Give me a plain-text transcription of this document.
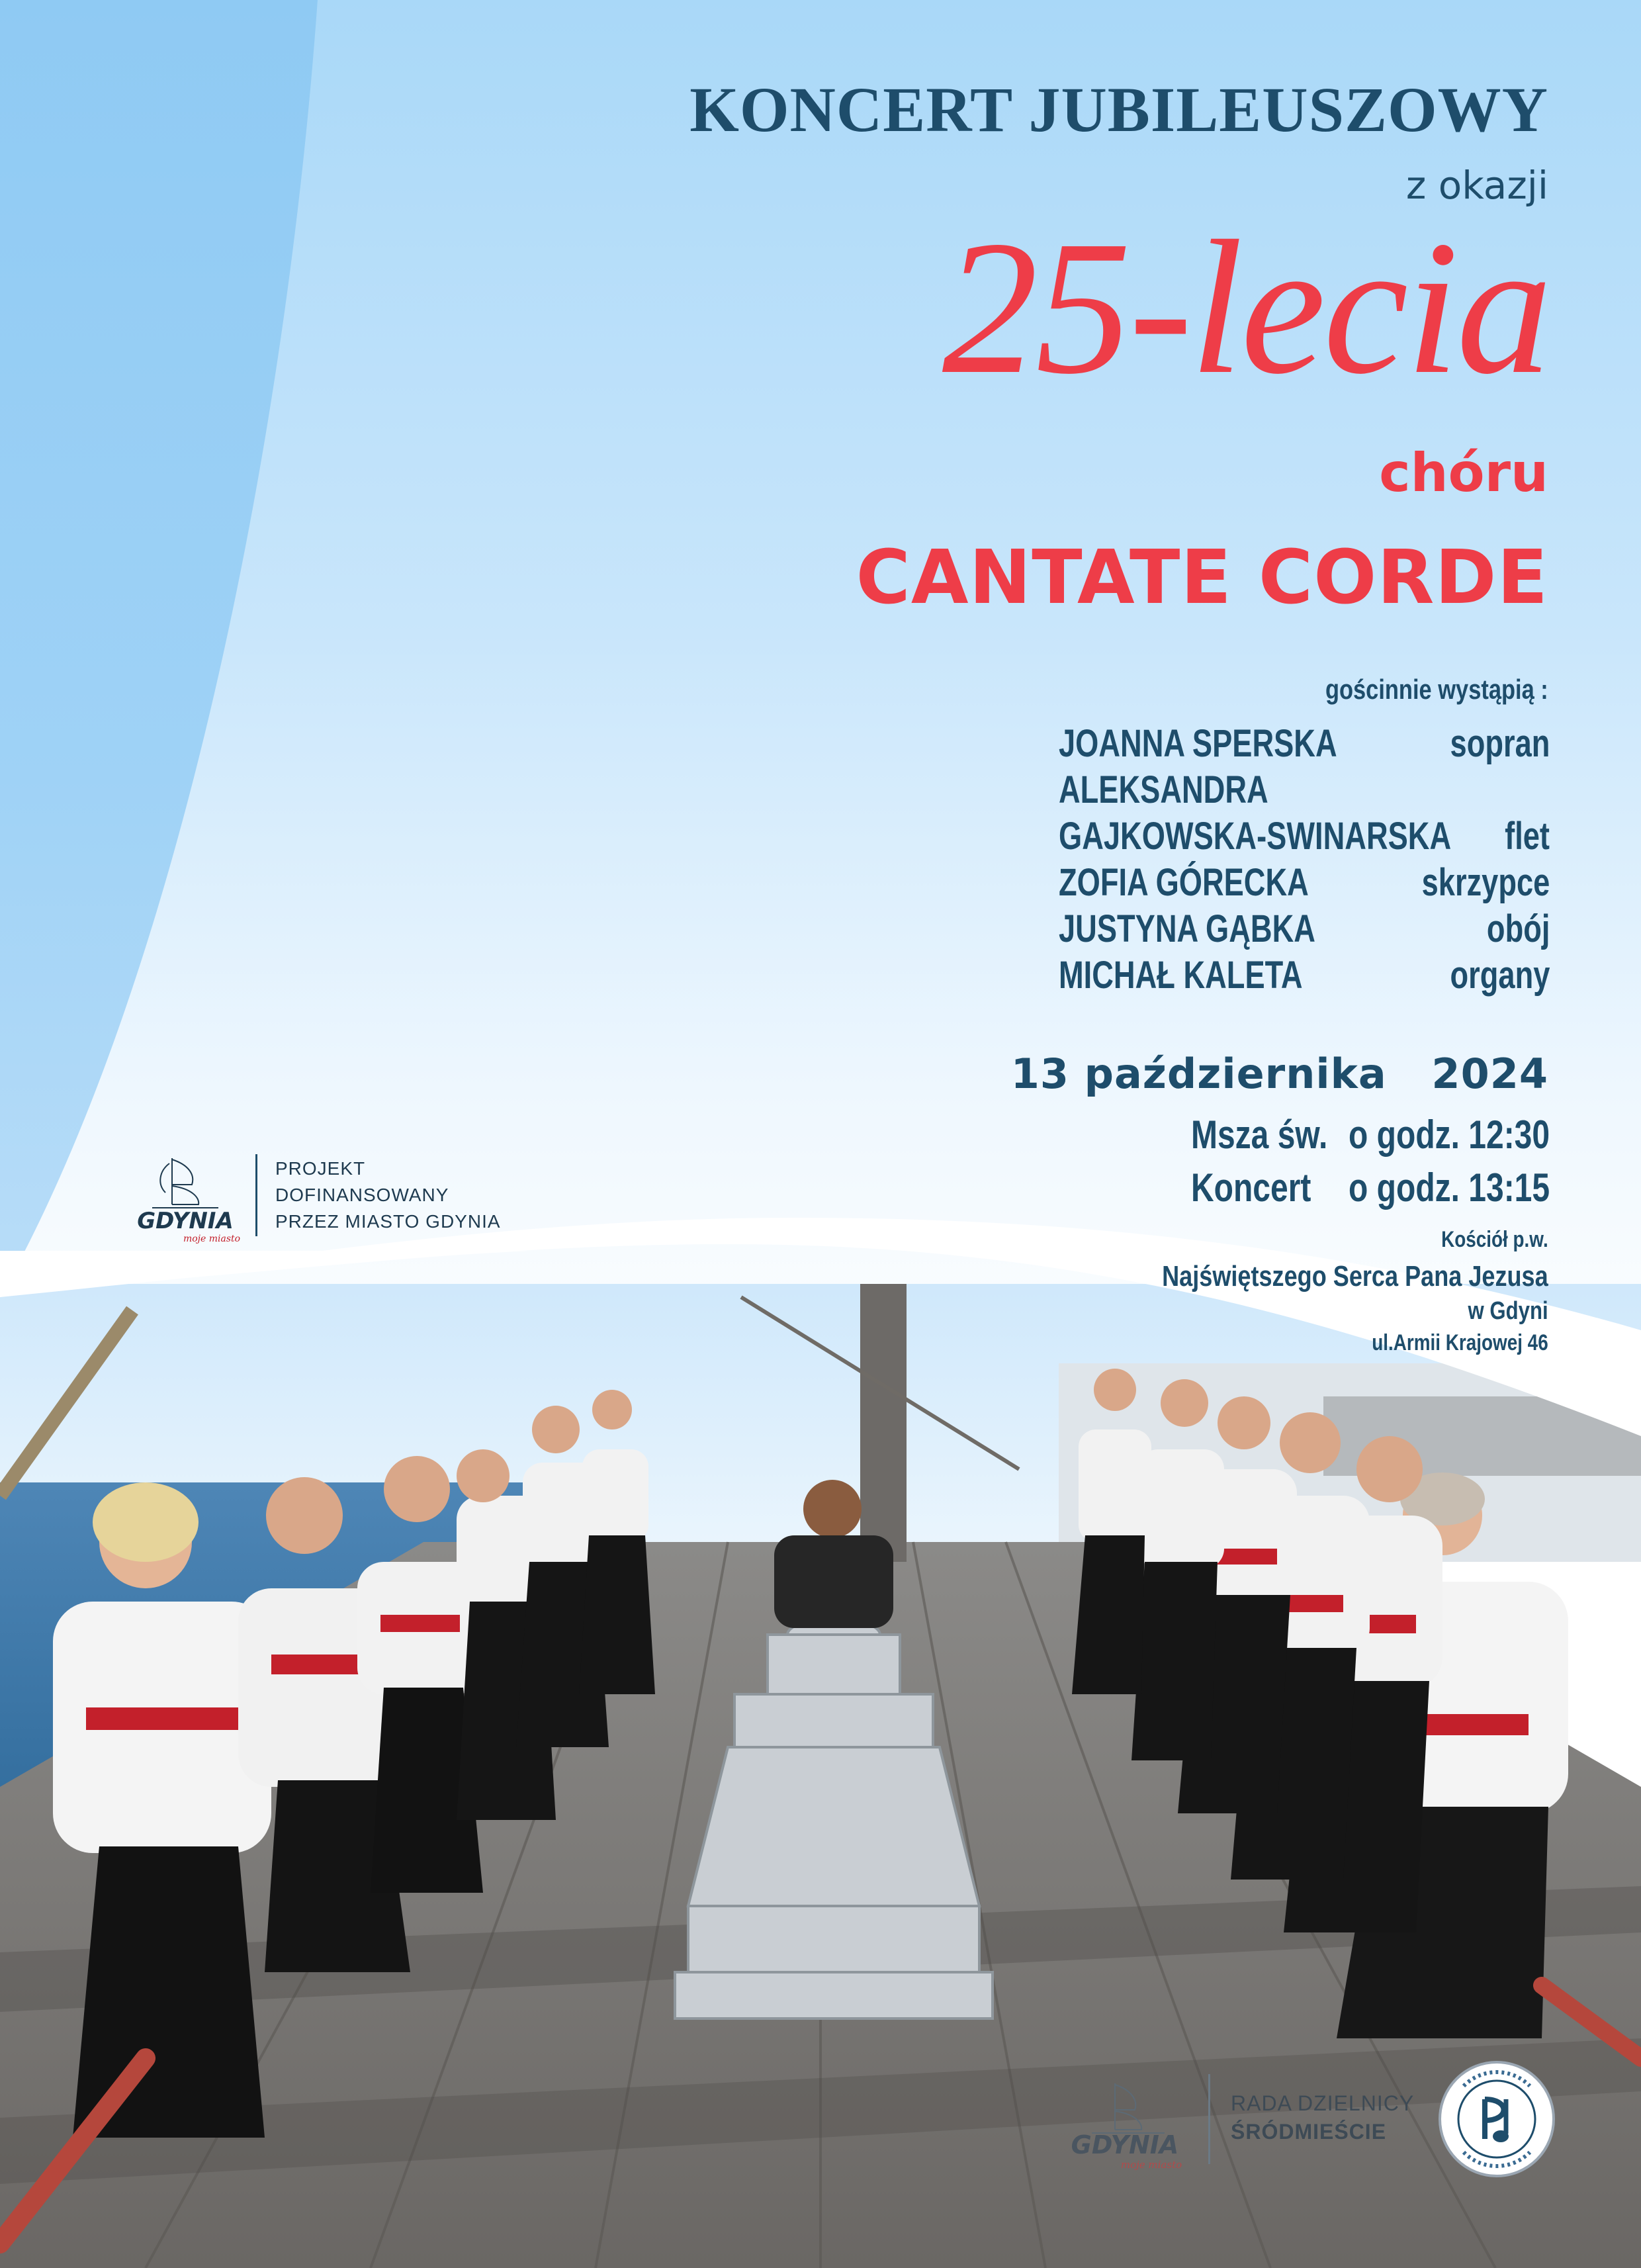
KONCERT JUBILEUSZOWY
z okazji
25-lecia
chóru
CANTATE CORDE
gościnnie wystąpią :
JOANNA SPERSKA	sopran
ALEKSANDRA
GAJKOWSKA-SWINARSKA flet
ZOFIA GÓRECKA	skrzypce
JUSTYNA GĄBKA	obój
MICHAŁ KALETA	organy
13 października   2024
Msza św. o godz. 12:30
Koncert o godz. 13:15
Kościół p.w.
Najświętszego Serca Pana Jezusa
w Gdyni
ul.Armii Krajowej 46
GDYNIA
moje miasto
PROJEKT
DOFINANSOWANY
PRZEZ MIASTO GDYNIA
GDYNIA
moje miasto
RADA DZIELNICY
ŚRÓDMIEŚCIE
